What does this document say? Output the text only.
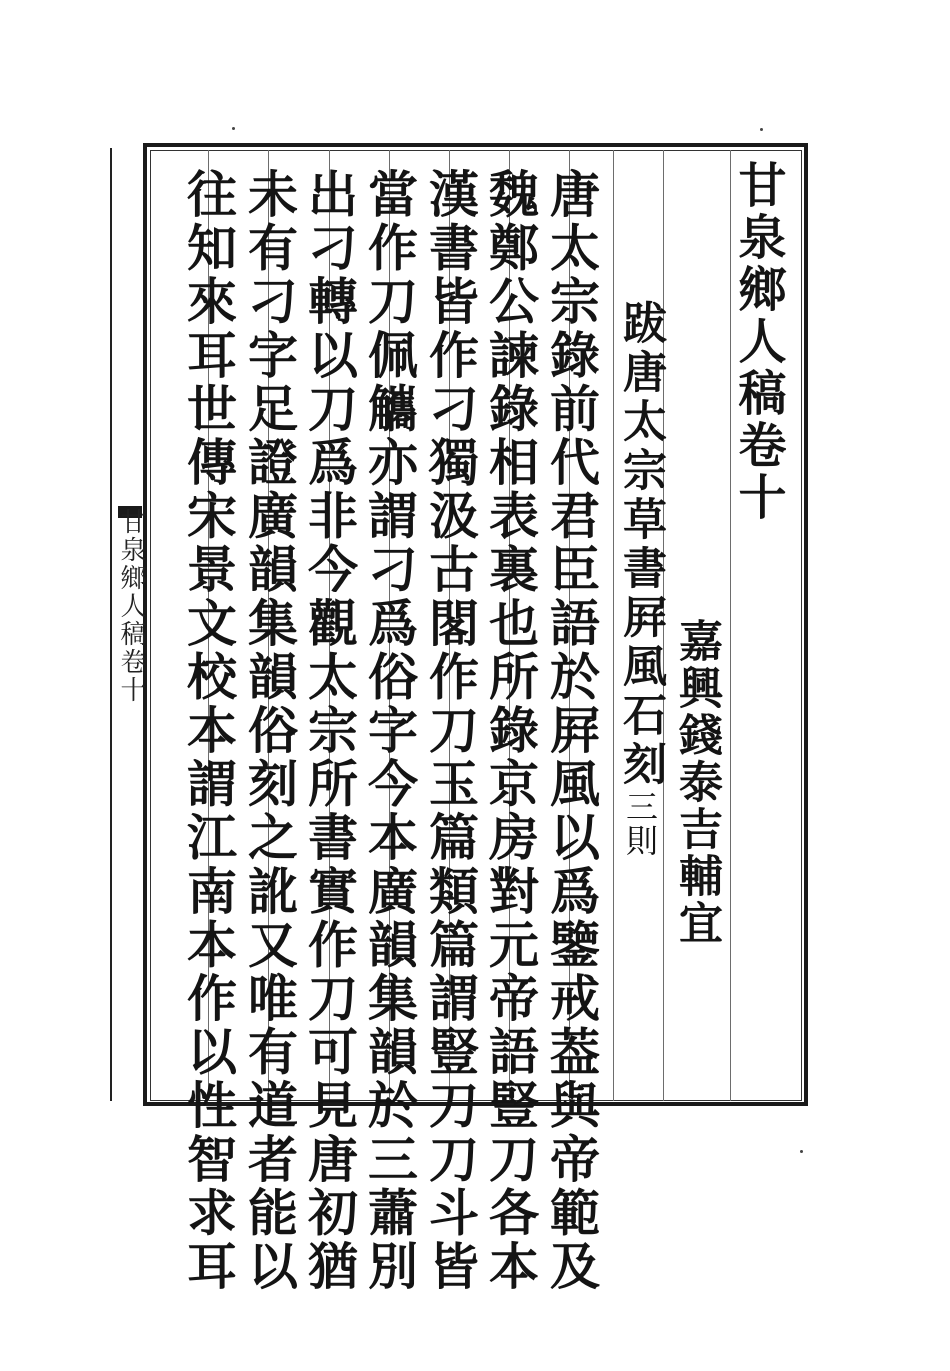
甘泉鄉人稿卷十
甘泉鄉人稿卷十
嘉興錢泰吉輔宜
跋唐太宗草書屛風石刻三則
唐太宗錄前代君臣語於屛風以爲鑒戒葢與帝範及
魏鄭公諫錄相表裏也所錄京房對元帝語豎刀各本
漢書皆作刁獨汲古閣作刀玉篇類篇謂豎刀刀斗皆
當作刀佩觿亦謂刁爲俗字今本廣韻集韻於三蕭別
出刁轉以刀爲非今觀太宗所書實作刀可見唐初猶
未有刁字足證廣韻集韻俗刻之訛又唯有道者能以
往知來耳世傳宋景文校本謂江南本作以性智求耳
